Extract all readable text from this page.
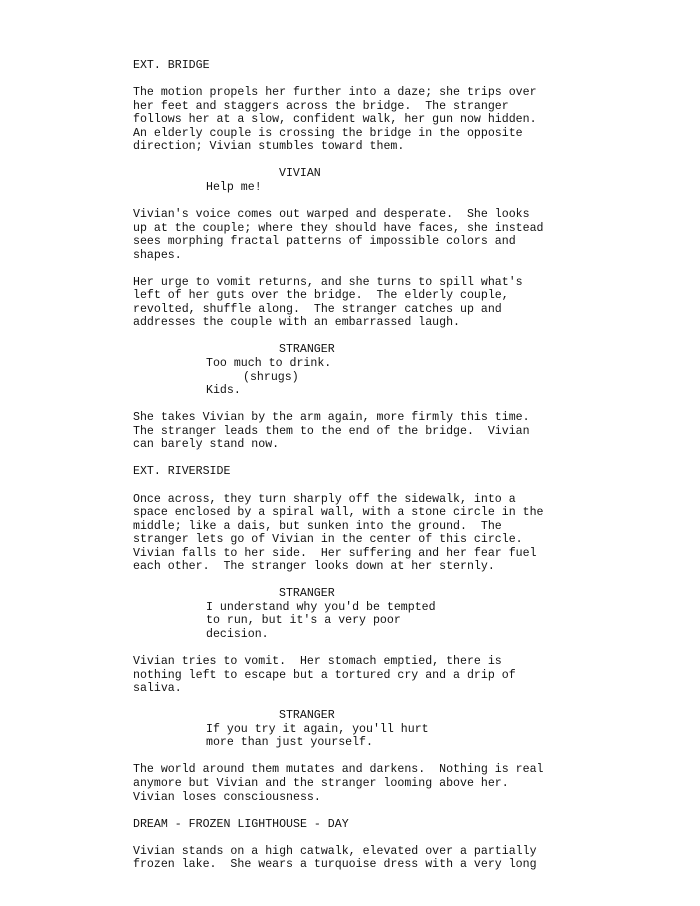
EXT. BRIDGE
The motion propels her further into a daze; she trips over
her feet and staggers across the bridge.  The stranger
follows her at a slow, confident walk, her gun now hidden.
An elderly couple is crossing the bridge in the opposite
direction; Vivian stumbles toward them.
VIVIAN
Help me!
Vivian's voice comes out warped and desperate.  She looks
up at the couple; where they should have faces, she instead
sees morphing fractal patterns of impossible colors and
shapes.
Her urge to vomit returns, and she turns to spill what's
left of her guts over the bridge.  The elderly couple,
revolted, shuffle along.  The stranger catches up and
addresses the couple with an embarrassed laugh.
STRANGER
Too much to drink.
(shrugs)
Kids.
She takes Vivian by the arm again, more firmly this time.
The stranger leads them to the end of the bridge.  Vivian
can barely stand now.
EXT. RIVERSIDE
Once across, they turn sharply off the sidewalk, into a
space enclosed by a spiral wall, with a stone circle in the
middle; like a dais, but sunken into the ground.  The
stranger lets go of Vivian in the center of this circle.
Vivian falls to her side.  Her suffering and her fear fuel
each other.  The stranger looks down at her sternly.
STRANGER
I understand why you'd be tempted
to run, but it's a very poor
decision.
Vivian tries to vomit.  Her stomach emptied, there is
nothing left to escape but a tortured cry and a drip of
saliva.
STRANGER
If you try it again, you'll hurt
more than just yourself.
The world around them mutates and darkens.  Nothing is real
anymore but Vivian and the stranger looming above her.
Vivian loses consciousness.
DREAM - FROZEN LIGHTHOUSE - DAY
Vivian stands on a high catwalk, elevated over a partially
frozen lake.  She wears a turquoise dress with a very long
